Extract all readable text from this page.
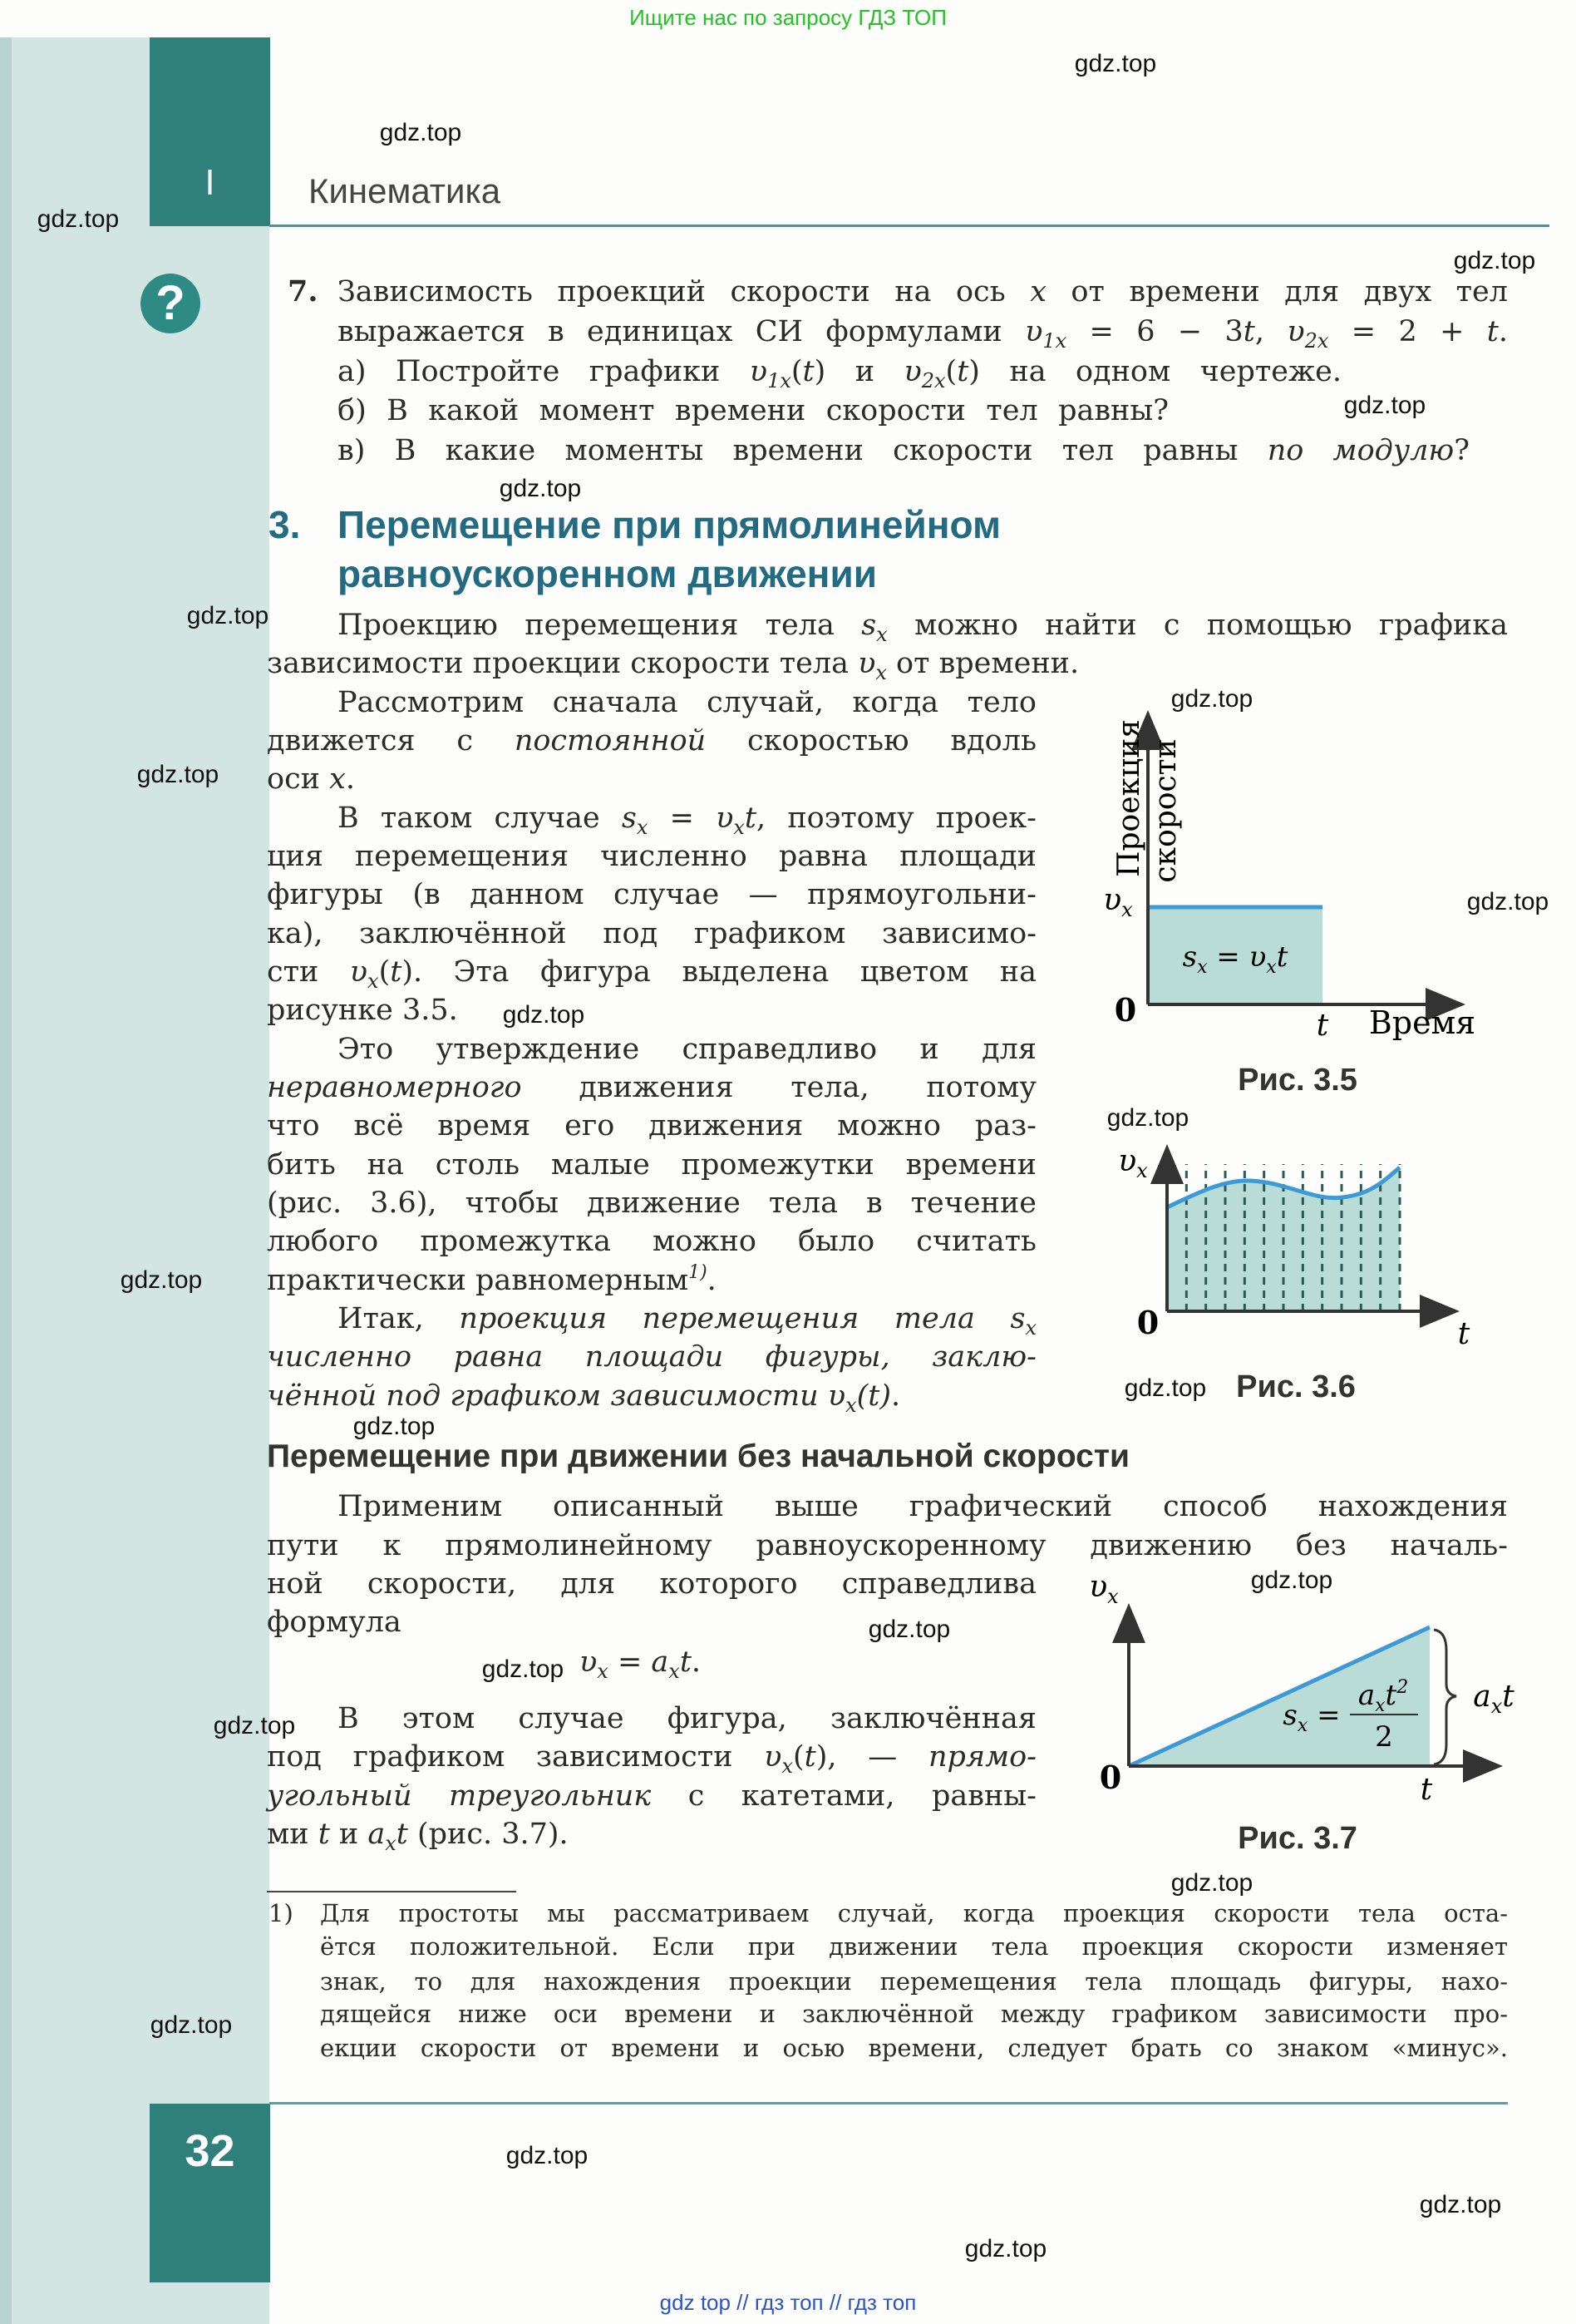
Ищите нас по запросу ГДЗ ТОП
gdz top // гдз топ // гдз топ
I	Кинематика
?
32
7. Зависимость проекций скорости на ось x от времени для двух тел
выражается в единицах СИ формулами $\upsilon_{1x} = 6 - 3t$, $\upsilon_{2x} = 2 + t$.
а) Постройте графики $\upsilon_{1x}(t)$ и $\upsilon_{2x}(t)$ на одном чертеже.
б) В какой момент времени скорости тел равны?
в) В какие моменты времени скорости тел равны по модулю?
3. Перемещение при прямолинейном
равноускоренном движении
Проекцию перемещения тела $s_x$ можно найти с помощью графика
зависимости проекции скорости тела $\upsilon_x$ от времени.
Рассмотрим сначала случай, когда тело
движется с постоянной скоростью вдоль
оси x.
В таком случае $s_x = \upsilon_xt$, поэтому проек-
ция перемещения численно равна площади
фигуры (в данном случае — прямоугольни-
ка), заключённой под графиком зависимо-
сти $\upsilon_x(t)$. Эта фигура выделена цветом на
рисунке 3.5.
Это утверждение справедливо и для
неравномерного движения тела, потому
что всё время его движения можно раз-
бить на столь малые промежутки времени
(рис. 3.6), чтобы движение тела в течение
любого промежутка можно было считать
практически равномерным$^{1)}$.
Итак, проекция перемещения тела $s_x$
численно равна площади фигуры, заклю-
чённой под графиком зависимости $\upsilon_x(t)$.
Применим описанный выше графический способ нахождения
пути к прямолинейному равноускоренному движению без началь-
ной скорости, для которого справедлива
формула
В этом случае фигура, заключённая
под графиком зависимости $\upsilon_x(t)$, — прямо-
угольный треугольник с катетами, равны-
ми t и $a_xt$ (рис. 3.7).
Перемещение при движении без начальной скорости
$\upsilon_x = a_xt$.
1) Для простоты мы рассматриваем случай, когда проекция скорости тела оста-
ётся положительной. Если при движении тела проекция скорости изменяет
знак, то для нахождения проекции перемещения тела площадь фигуры, нахо-
дящейся ниже оси времени и заключённой между графиком зависимости про-
екции скорости от времени и осью времени, следует брать со знаком «минус».
0	t Время
$\upsilon_x$
Проекция скорости
$s_x = \upsilon_xt$
0	t
$\upsilon_x$
$a_xt$
$s_x$ =
$a_xt^2$
2
0	t
$\upsilon_x$
Рис. 3.5
Рис. 3.6
Рис. 3.7
gdz.top
gdz.top
gdz.top
gdz.top
gdz.top
gdz.top
gdz.top
gdz.top
gdz.top
gdz.top
gdz.top
gdz.top
gdz.top
gdz.top
gdz.top
gdz.top
gdz.top
gdz.top
gdz.top
gdz.top
gdz.top
gdz.top
gdz.top
gdz.top
